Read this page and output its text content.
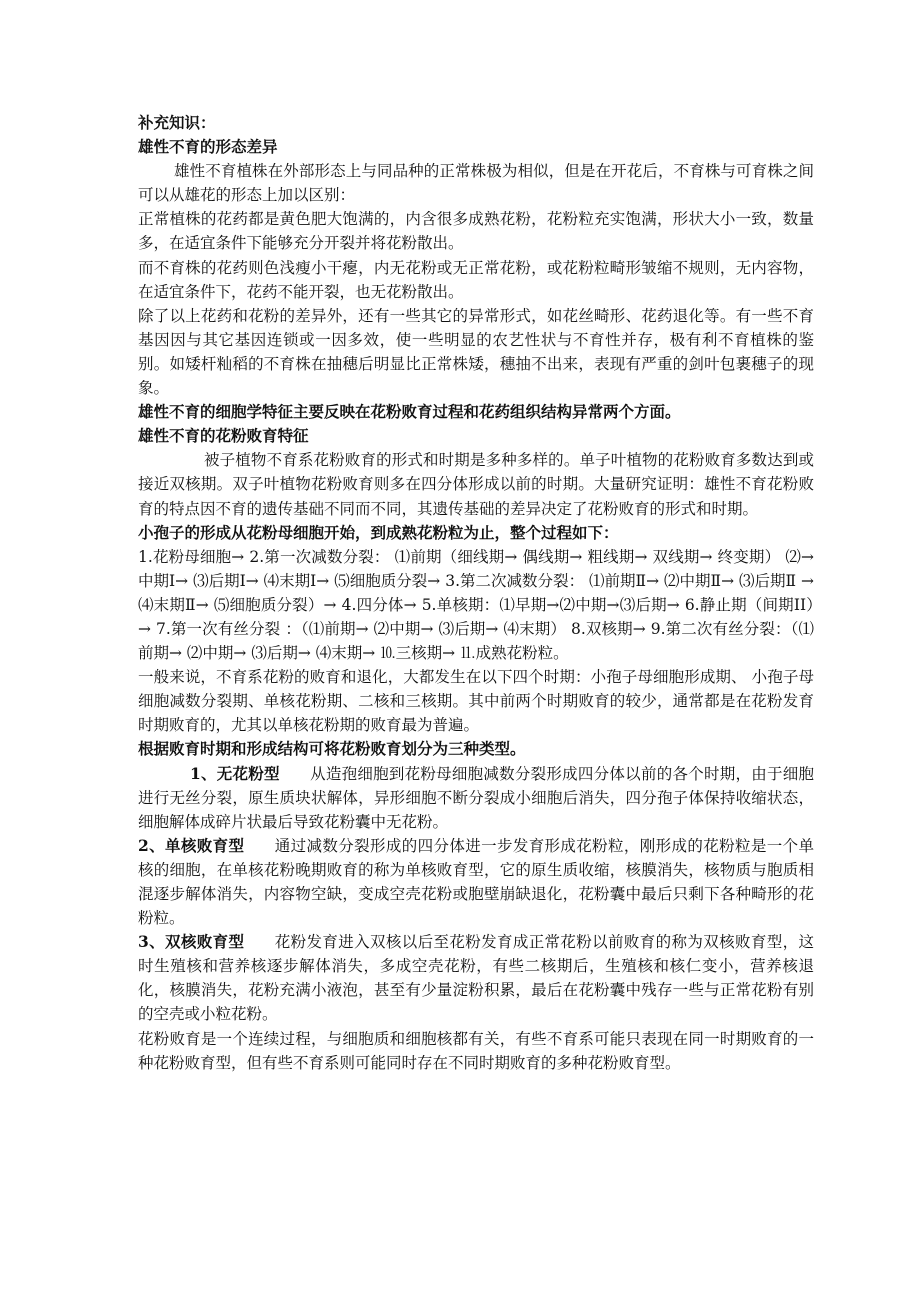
补充知识：
雄性不育的形态差异
雄性不育植株在外部形态上与同品种的正常株极为相似，但是在开花后，不育株与可育株之间可以从雄花的形态上加以区别：
正常植株的花药都是黄色肥大饱满的，内含很多成熟花粉，花粉粒充实饱满，形状大小一致，数量多，在适宜条件下能够充分开裂并将花粉散出。
而不育株的花药则色浅瘦小干瘪，内无花粉或无正常花粉，或花粉粒畸形皱缩不规则，无内容物，在适宜条件下，花药不能开裂，也无花粉散出。
除了以上花药和花粉的差异外，还有一些其它的异常形式，如花丝畸形、花药退化等。有一些不育基因因与其它基因连锁或一因多效，使一些明显的农艺性状与不育性并存，极有利不育植株的鉴别。如矮杆籼稻的不育株在抽穗后明显比正常株矮，穗抽不出来，表现有严重的剑叶包裹穗子的现象。
雄性不育的细胞学特征主要反映在花粉败育过程和花药组织结构异常两个方面。
雄性不育的花粉败育特征
被子植物不育系花粉败育的形式和时期是多种多样的。单子叶植物的花粉败育多数达到或接近双核期。双子叶植物花粉败育则多在四分体形成以前的时期。大量研究证明：雄性不育花粉败育的特点因不育的遗传基础不同而不同，其遗传基础的差异决定了花粉败育的形式和时期。
小孢子的形成从花粉母细胞开始，到成熟花粉粒为止，整个过程如下：
1.花粉母细胞→ 2.第一次减数分裂： ⑴前期（细线期→ 偶线期→ 粗线期→ 双线期→ 终变期） ⑵→中期Ⅰ→ ⑶后期Ⅰ→ ⑷末期Ⅰ→ ⑸细胞质分裂→ 3.第二次减数分裂： ⑴前期Ⅱ→ ⑵中期Ⅱ→ ⑶后期Ⅱ →⑷末期Ⅱ→ ⑸细胞质分裂）→ 4.四分体→ 5.单核期：⑴早期→⑵中期→⑶后期→ 6.静止期（间期II）→ 7.第一次有丝分裂 ：（⑴前期→ ⑵中期→ ⑶后期→ ⑷末期） 8.双核期→ 9.第二次有丝分裂：（⑴前期→ ⑵中期→ ⑶后期→ ⑷末期→ ⒑三核期→ ⒒成熟花粉粒。
一般来说，不育系花粉的败育和退化，大都发生在以下四个时期：小孢子母细胞形成期、 小孢子母细胞减数分裂期、单核花粉期、二核和三核期。其中前两个时期败育的较少，通常都是在花粉发育时期败育的，尤其以单核花粉期的败育最为普遍。
根据败育时期和形成结构可将花粉败育划分为三种类型。
1、无花粉型 从造孢细胞到花粉母细胞减数分裂形成四分体以前的各个时期，由于细胞进行无丝分裂，原生质块状解体，异形细胞不断分裂成小细胞后消失，四分孢子体保持收缩状态，细胞解体成碎片状最后导致花粉囊中无花粉。
2、单核败育型 通过减数分裂形成的四分体进一步发育形成花粉粒，刚形成的花粉粒是一个单核的细胞，在单核花粉晚期败育的称为单核败育型，它的原生质收缩，核膜消失，核物质与胞质相混逐步解体消失，内容物空缺，变成空壳花粉或胞壁崩缺退化，花粉囊中最后只剩下各种畸形的花粉粒。
3、双核败育型 花粉发育进入双核以后至花粉发育成正常花粉以前败育的称为双核败育型，这时生殖核和营养核逐步解体消失，多成空壳花粉，有些二核期后，生殖核和核仁变小，营养核退化，核膜消失，花粉充满小液泡，甚至有少量淀粉积累，最后在花粉囊中残存一些与正常花粉有别的空壳或小粒花粉。
花粉败育是一个连续过程，与细胞质和细胞核都有关，有些不育系可能只表现在同一时期败育的一种花粉败育型，但有些不育系则可能同时存在不同时期败育的多种花粉败育型。
